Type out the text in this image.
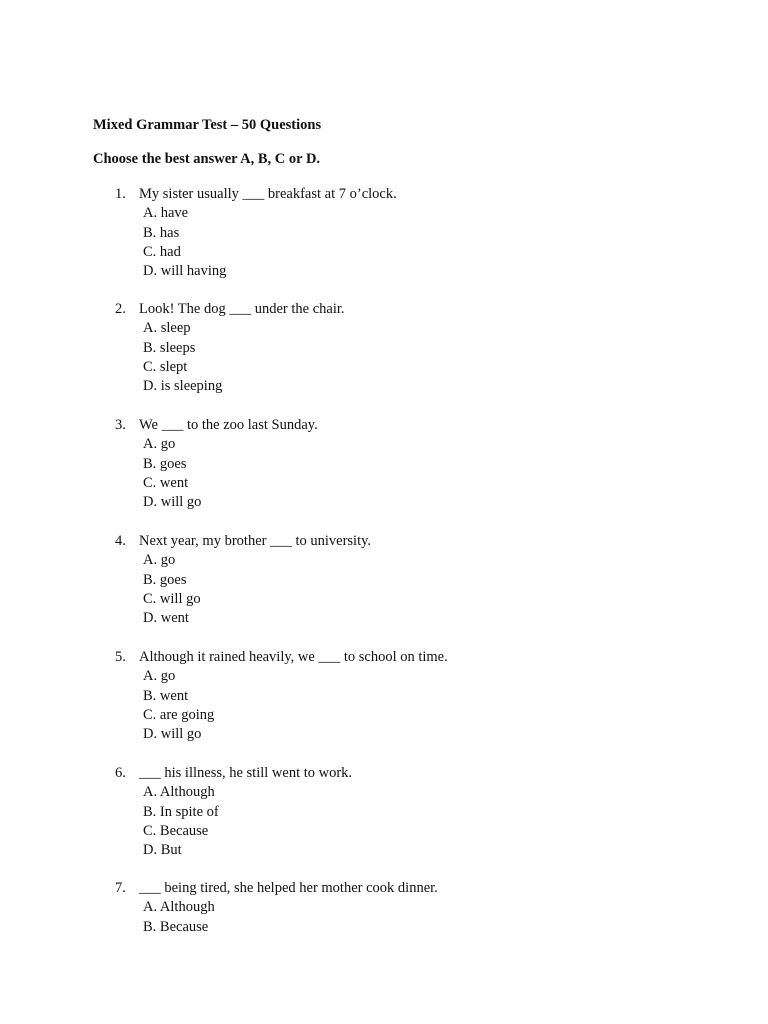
Mixed Grammar Test – 50 Questions
Choose the best answer A, B, C or D.
1. My sister usually ___ breakfast at 7 o’clock.
A. have
B. has
C. had
D. will having
2. Look! The dog ___ under the chair.
A. sleep
B. sleeps
C. slept
D. is sleeping
3. We ___ to the zoo last Sunday.
A. go
B. goes
C. went
D. will go
4. Next year, my brother ___ to university.
A. go
B. goes
C. will go
D. went
5. Although it rained heavily, we ___ to school on time.
A. go
B. went
C. are going
D. will go
6. ___ his illness, he still went to work.
A. Although
B. In spite of
C. Because
D. But
7. ___ being tired, she helped her mother cook dinner.
A. Although
B. Because
